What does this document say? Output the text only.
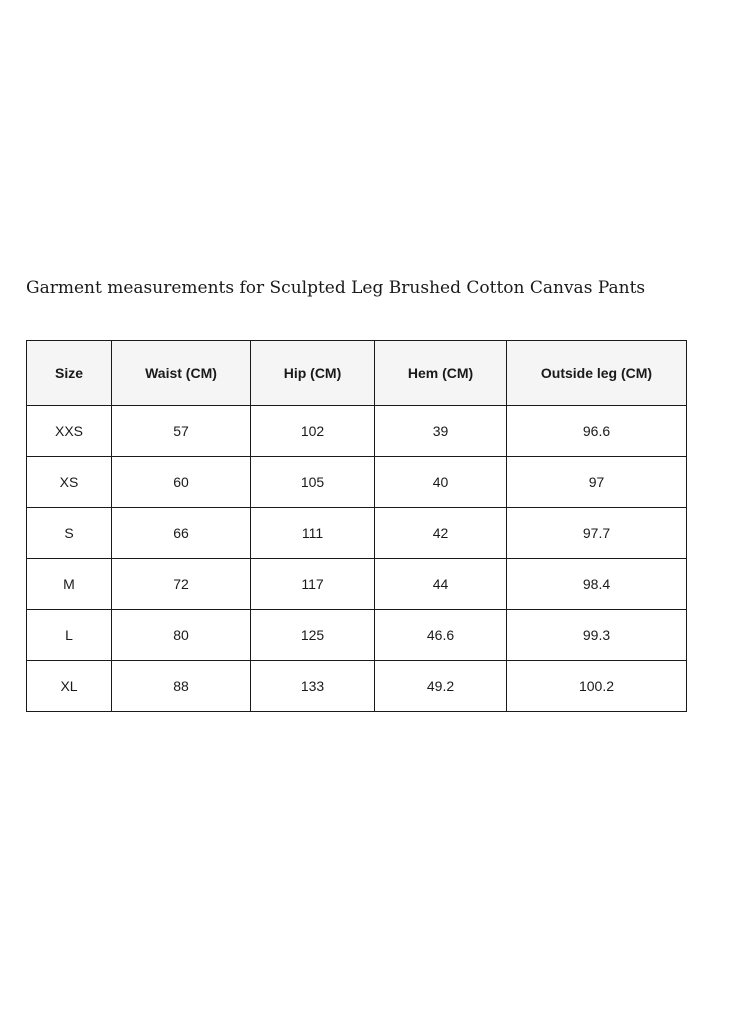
Garment measurements for Sculpted Leg Brushed Cotton Canvas Pants
Size	Waist (CM)	Hip (CM)	Hem (CM)	Outside leg (CM)
XXS	57	102	39	96.6
XS	60	105	40	97
S	66	111	42	97.7
M	72	117	44	98.4
L	80	125	46.6	99.3
XL	88	133	49.2	100.2
